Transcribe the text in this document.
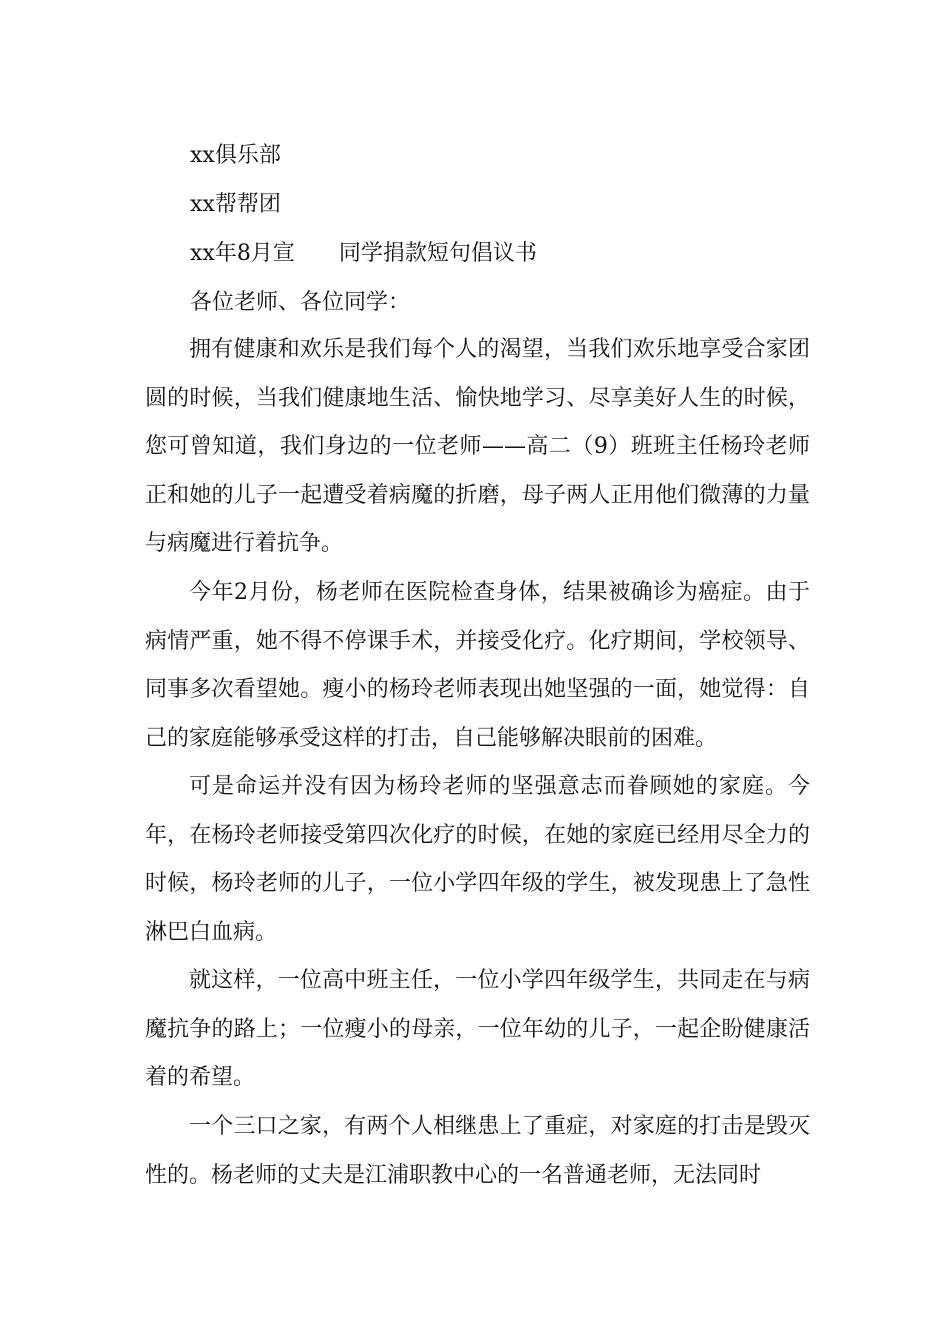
xx俱乐部
xx帮帮团
xx年8月宣 同学捐款短句倡议书
各位老师、各位同学：

拥有健康和欢乐是我们每个人的渴望，当我们欢乐地享受合家团圆的时候，当我们健康地生活、愉快地学习、尽享美好人生的时候，您可曾知道，我们身边的一位老师——高二（9）班班主任杨玲老师正和她的儿子一起遭受着病魔的折磨，母子两人正用他们微薄的力量与病魔进行着抗争。

今年2月份，杨老师在医院检查身体，结果被确诊为癌症。由于病情严重，她不得不停课手术，并接受化疗。化疗期间，学校领导、同事多次看望她。瘦小的杨玲老师表现出她坚强的一面，她觉得：自己的家庭能够承受这样的打击，自己能够解决眼前的困难。

可是命运并没有因为杨玲老师的坚强意志而眷顾她的家庭。今年，在杨玲老师接受第四次化疗的时候，在她的家庭已经用尽全力的时候，杨玲老师的儿子，一位小学四年级的学生，被发现患上了急性淋巴白血病。

就这样，一位高中班主任，一位小学四年级学生，共同走在与病魔抗争的路上；一位瘦小的母亲，一位年幼的儿子，一起企盼健康活着的希望。

一个三口之家，有两个人相继患上了重症，对家庭的打击是毁灭性的。杨老师的丈夫是江浦职教中心的一名普通老师，无法同时
